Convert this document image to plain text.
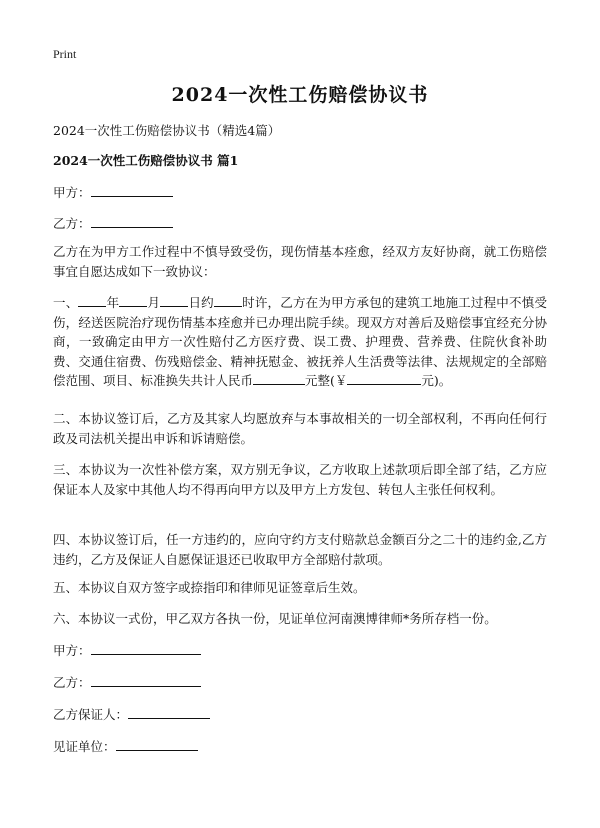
Print
2024一次性工伤赔偿协议书
2024一次性工伤赔偿协议书（精选4篇）
2024一次性工伤赔偿协议书 篇1
甲方：
乙方：
乙方在为甲方工作过程中不慎导致受伤，现伤情基本痊愈，经双方友好协商，就工伤赔偿事宜自愿达成如下一致协议：
一、 年 月 日约 时许，乙方在为甲方承包的建筑工地施工过程中不慎受伤，经送医院治疗现伤情基本痊愈并已办理出院手续。现双方对善后及赔偿事宜经充分协商，一致确定由甲方一次性赔付乙方医疗费、误工费、护理费、营养费、住院伙食补助费、交通住宿费、伤残赔偿金、精神抚慰金、被抚养人生活费等法律、法规规定的全部赔偿范围、项目、标准换失共计人民币	元整(￥	元)。
二、本协议签订后，乙方及其家人均愿放弃与本事故相关的一切全部权利，不再向任何行政及司法机关提出申诉和诉请赔偿。
三、本协议为一次性补偿方案，双方别无争议，乙方收取上述款项后即全部了结，乙方应保证本人及家中其他人均不得再向甲方以及甲方上方发包、转包人主张任何权利。
四、本协议签订后，任一方违约的，应向守约方支付赔款总金额百分之二十的违约金,乙方违约，乙方及保证人自愿保证退还已收取甲方全部赔付款项。
五、本协议自双方签字或捺指印和律师见证签章后生效。
六、本协议一式份，甲乙双方各执一份，见证单位河南澳博律师*务所存档一份。
甲方：
乙方：
乙方保证人：
见证单位：
